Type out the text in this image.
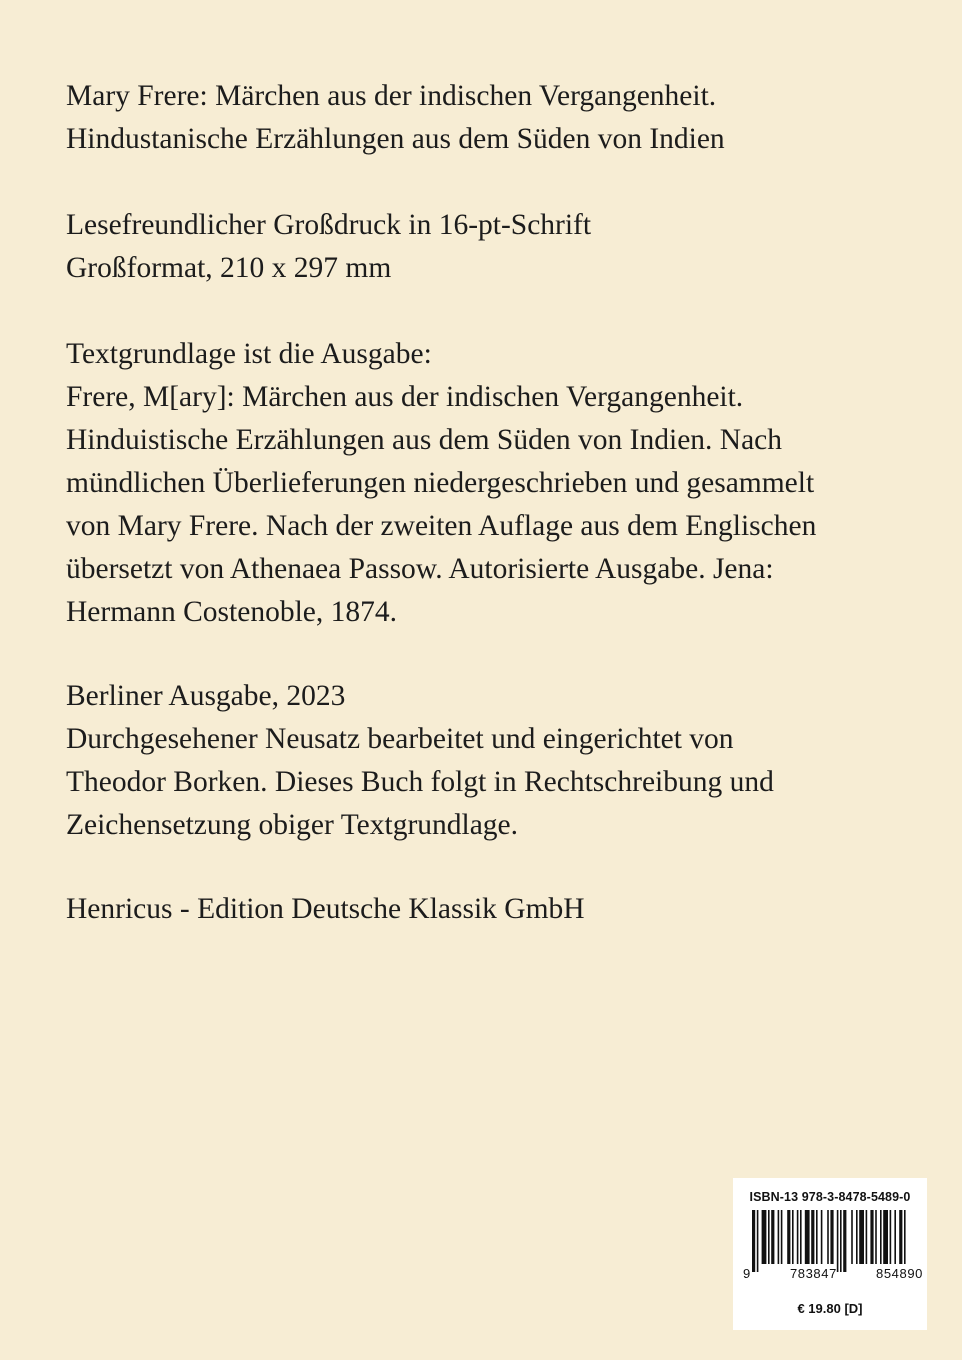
Mary Frere: Märchen aus der indischen Vergangenheit.
Hindustanische Erzählungen aus dem Süden von Indien
Lesefreundlicher Großdruck in 16-pt-Schrift
Großformat, 210 x 297 mm
Textgrundlage ist die Ausgabe:
Frere, M[ary]: Märchen aus der indischen Vergangenheit.
Hinduistische Erzählungen aus dem Süden von Indien. Nach
mündlichen Überlieferungen niedergeschrieben und gesammelt
von Mary Frere. Nach der zweiten Auflage aus dem Englischen
übersetzt von Athenaea Passow. Autorisierte Ausgabe. Jena:
Hermann Costenoble, 1874.
Berliner Ausgabe, 2023
Durchgesehener Neusatz bearbeitet und eingerichtet von
Theodor Borken. Dieses Buch folgt in Rechtschreibung und
Zeichensetzung obiger Textgrundlage.
Henricus - Edition Deutsche Klassik GmbH
ISBN-13 978-3-8478-5489-0
9	783847	854890
€ 19.80 [D]
